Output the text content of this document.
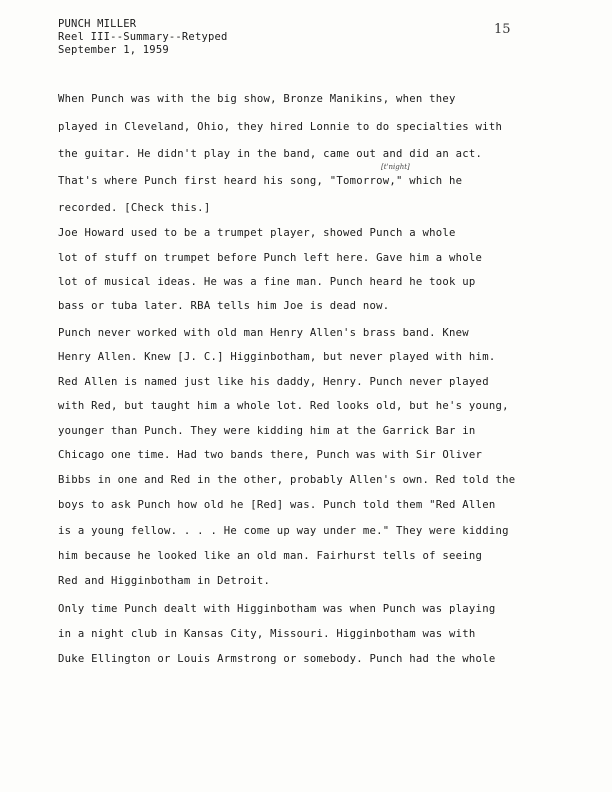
PUNCH MILLER
Reel III--Summary--Retyped
September 1, 1959
15
[t'night]
When Punch was with the big show, Bronze Manikins, when they
played in Cleveland, Ohio, they hired Lonnie to do specialties with
the guitar. He didn't play in the band, came out and did an act.
That's where Punch first heard his song, "Tomorrow," which he
recorded. [Check this.]
Joe Howard used to be a trumpet player, showed Punch a whole
lot of stuff on trumpet before Punch left here. Gave him a whole
lot of musical ideas. He was a fine man. Punch heard he took up
bass or tuba later. RBA tells him Joe is dead now.
Punch never worked with old man Henry Allen's brass band. Knew
Henry Allen. Knew [J. C.] Higginbotham, but never played with him.
Red Allen is named just like his daddy, Henry. Punch never played
with Red, but taught him a whole lot. Red looks old, but he's young,
younger than Punch. They were kidding him at the Garrick Bar in
Chicago one time. Had two bands there, Punch was with Sir Oliver
Bibbs in one and Red in the other, probably Allen's own. Red told the
boys to ask Punch how old he [Red] was. Punch told them "Red Allen
is a young fellow. . . . He come up way under me." They were kidding
him because he looked like an old man. Fairhurst tells of seeing
Red and Higginbotham in Detroit.
Only time Punch dealt with Higginbotham was when Punch was playing
in a night club in Kansas City, Missouri. Higginbotham was with
Duke Ellington or Louis Armstrong or somebody. Punch had the whole
